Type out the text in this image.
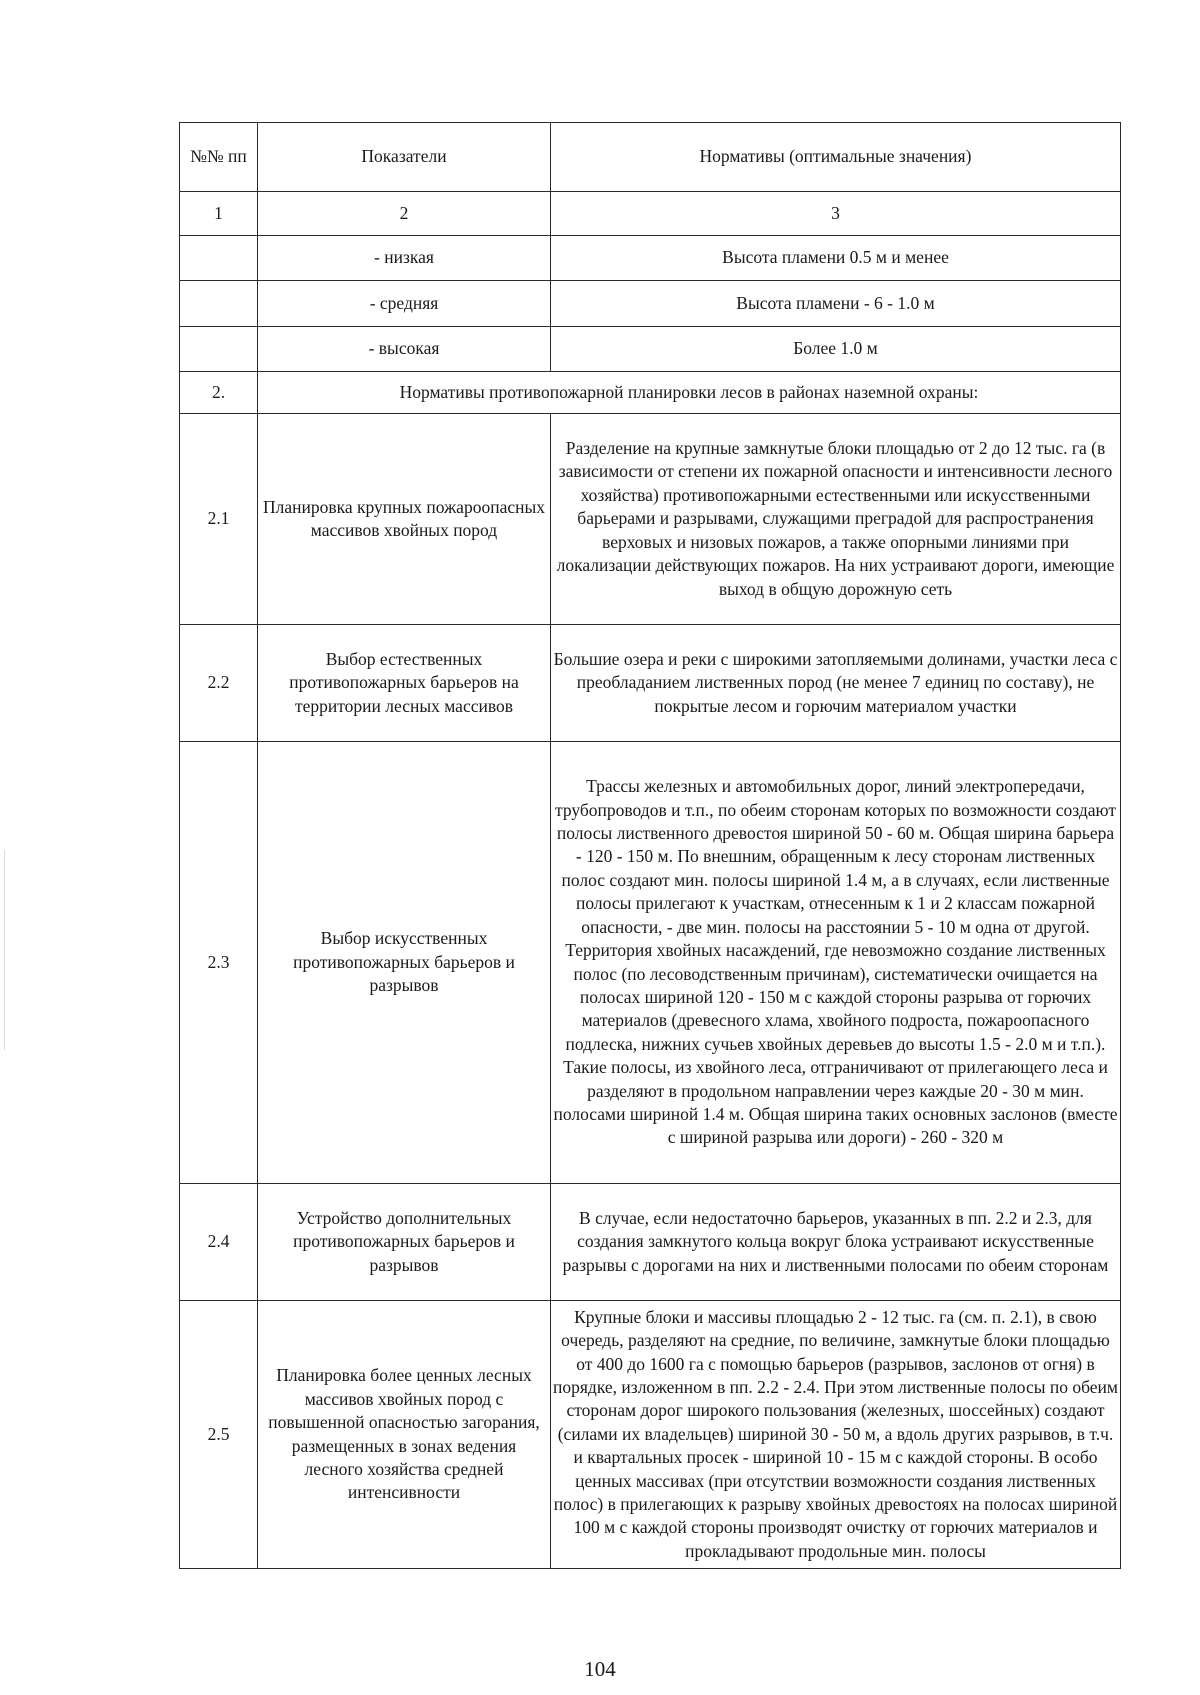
№№ пп	Показатели	Нормативы (оптимальные значения)
1	2	3
	- низкая	Высота пламени 0.5 м и менее
	- средняя	Высота пламени - 6 - 1.0 м
	- высокая	Более 1.0 м
2.	Нормативы противопожарной планировки лесов в районах наземной охраны:	
2.1	Планировка крупных пожароопасных массивов хвойных пород	Разделение на крупные замкнутые блоки площадью от 2 до 12 тыс. га (в зависимости от степени их пожарной опасности и интенсивности лесного хозяйства) противопожарными естественными или искусственными барьерами и разрывами, служащими преградой для распространения верховых и низовых пожаров, а также опорными линиями при локализации действующих пожаров. На них устраивают дороги, имеющие выход в общую дорожную сеть
2.2	Выбор естественных противопожарных барьеров на территории лесных массивов	Большие озера и реки с широкими затопляемыми долинами, участки леса с преобладанием лиственных пород (не менее 7 единиц по составу), не покрытые лесом и горючим материалом участки
2.3	Выбор искусственных противопожарных барьеров и разрывов	Трассы железных и автомобильных дорог, линий электропередачи, трубопроводов и т.п., по обеим сторонам которых по возможности создают полосы лиственного древостоя шириной 50 - 60 м. Общая ширина барьера - 120 - 150 м. По внешним, обращенным к лесу сторонам лиственных полос создают мин. полосы шириной 1.4 м, а в случаях, если лиственные полосы прилегают к участкам, отнесенным к 1 и 2 классам пожарной опасности, - две мин. полосы на расстоянии 5 - 10 м одна от другой. Территория хвойных насаждений, где невозможно создание лиственных полос (по лесоводственным причинам), систематически очищается на полосах шириной 120 - 150 м с каждой стороны разрыва от горючих материалов (древесного хлама, хвойного подроста, пожароопасного подлеска, нижних сучьев хвойных деревьев до высоты 1.5 - 2.0 м и т.п.). Такие полосы, из хвойного леса, отграничивают от прилегающего леса и разделяют в продольном направлении через каждые 20 - 30 м мин. полосами шириной 1.4 м. Общая ширина таких основных заслонов (вместе с шириной разрыва или дороги) - 260 - 320 м
2.4	Устройство дополнительных противопожарных барьеров и разрывов	В случае, если недостаточно барьеров, указанных в пп. 2.2 и 2.3, для создания замкнутого кольца вокруг блока устраивают искусственные разрывы с дорогами на них и лиственными полосами по обеим сторонам
2.5	Планировка более ценных лесных массивов хвойных пород с повышенной опасностью загорания, размещенных в зонах ведения лесного хозяйства средней интенсивности	Крупные блоки и массивы площадью 2 - 12 тыс. га (см. п. 2.1), в свою очередь, разделяют на средние, по величине, замкнутые блоки площадью от 400 до 1600 га с помощью барьеров (разрывов, заслонов от огня) в порядке, изложенном в пп. 2.2 - 2.4. При этом лиственные полосы по обеим сторонам дорог широкого пользования (железных, шоссейных) создают (силами их владельцев) шириной 30 - 50 м, а вдоль других разрывов, в т.ч. и квартальных просек - шириной 10 - 15 м с каждой стороны. В особо ценных массивах (при отсутствии возможности создания лиственных полос) в прилегающих к разрыву хвойных древостоях на полосах шириной 100 м с каждой стороны производят очистку от горючих материалов и прокладывают продольные мин. полосы
104
